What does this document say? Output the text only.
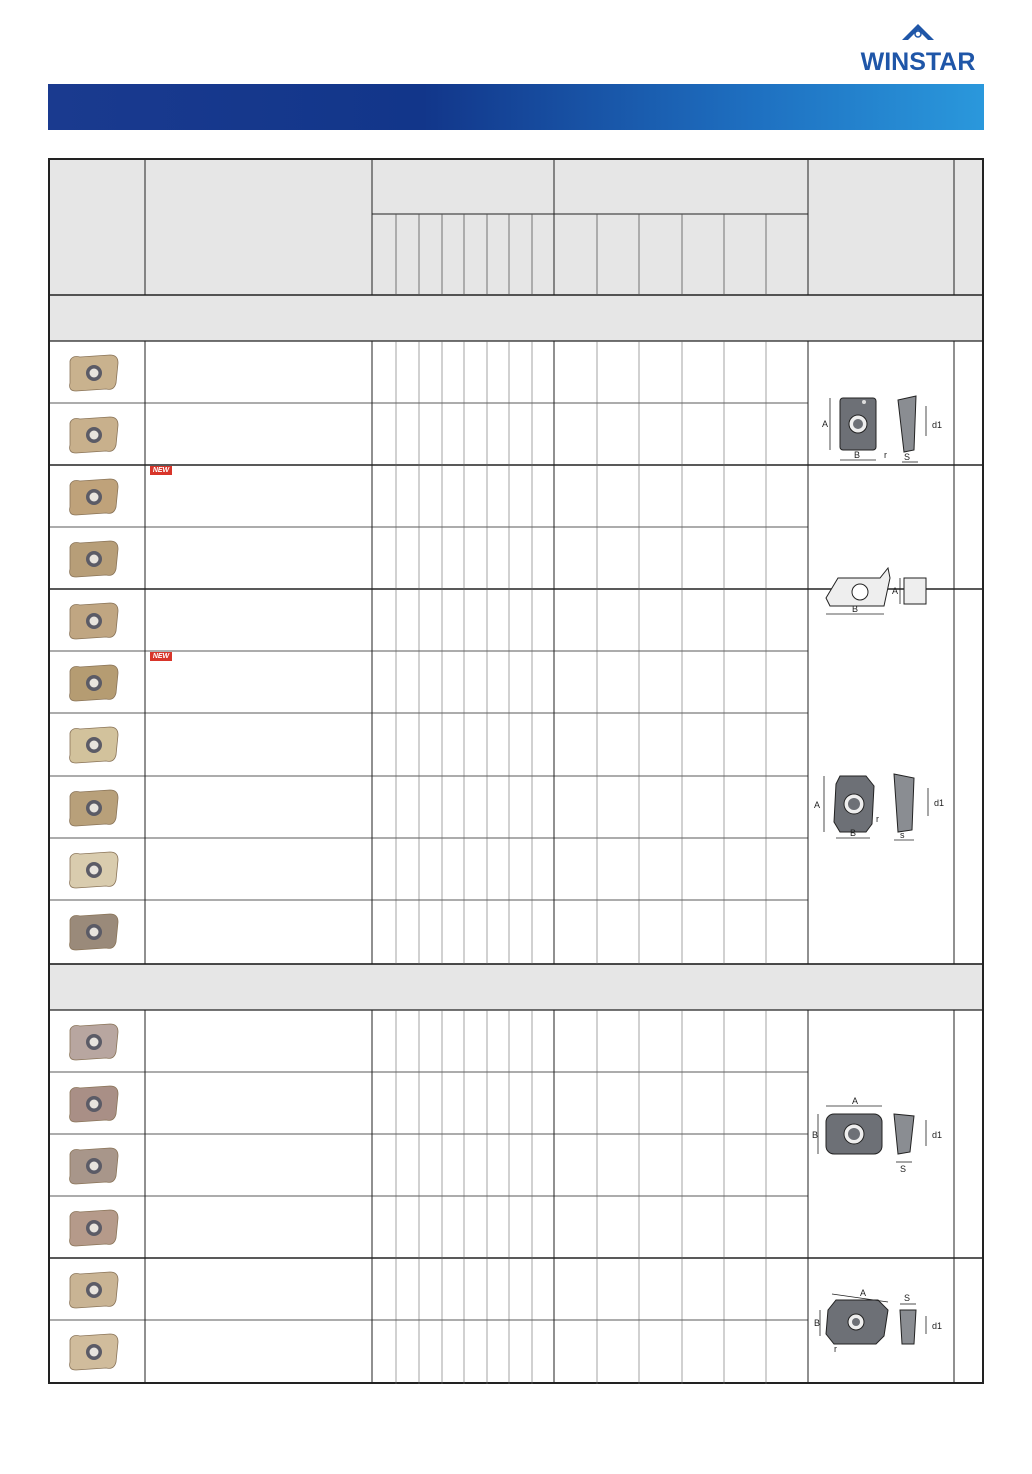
WINSTAR
NEW
NEW
A
B	r S
d1
B
A
A
B
r
s
d1
A
B
S
d1
A
B
r
S
d1
